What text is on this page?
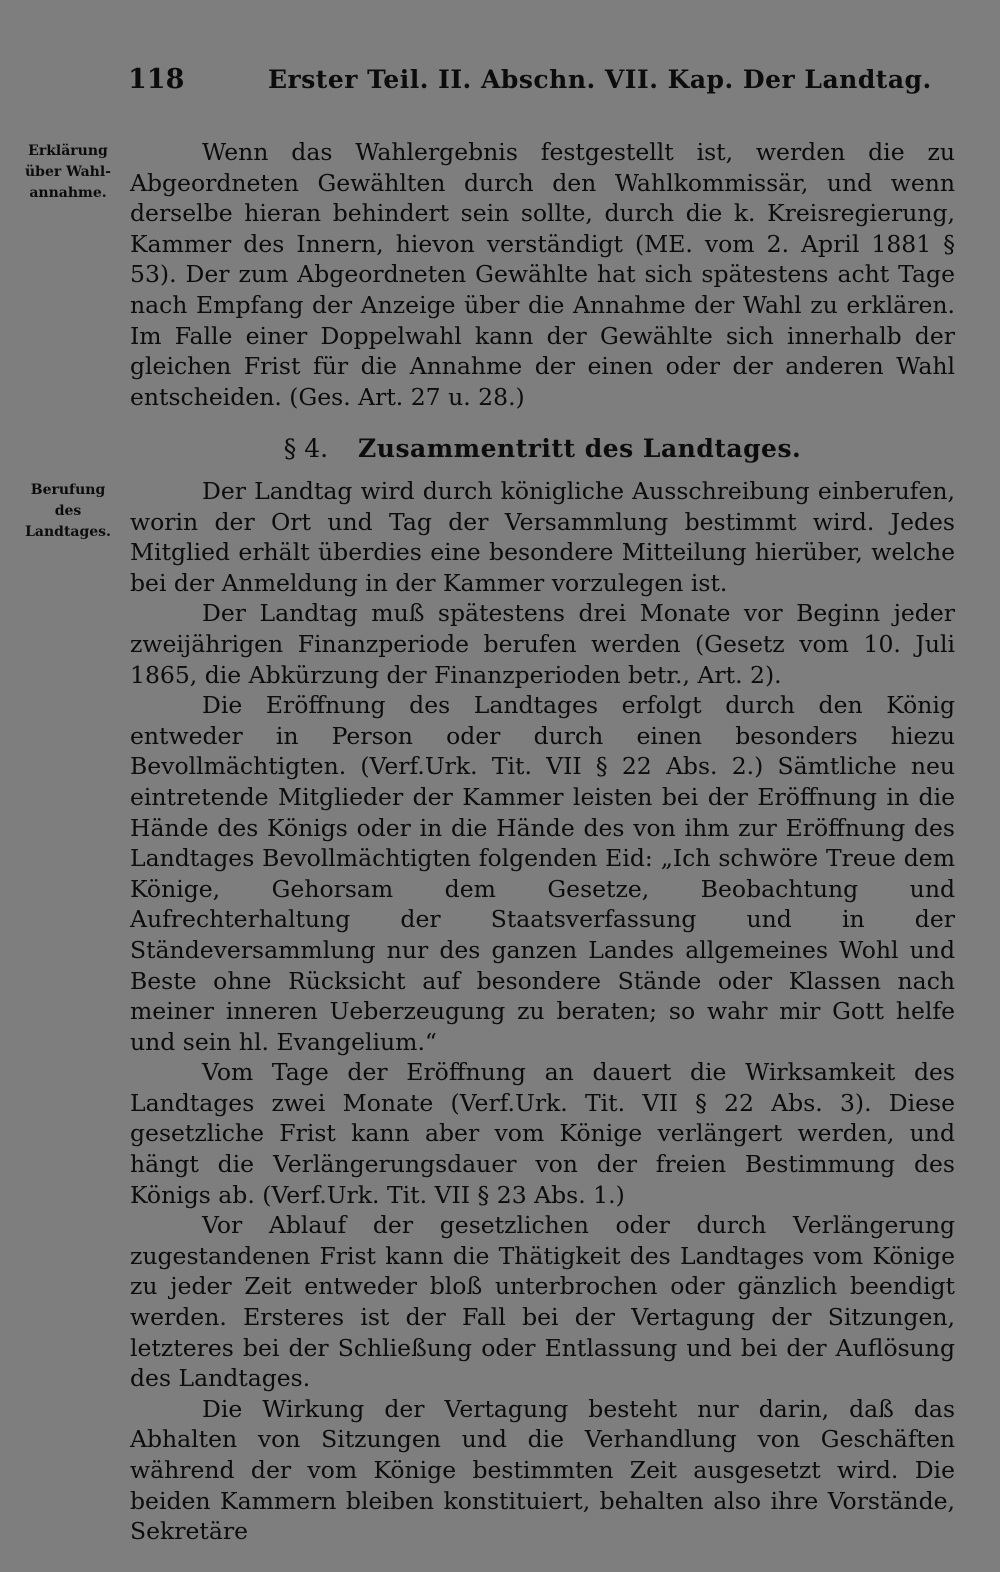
118	Erster Teil. II. Abschn. VII. Kap. Der Landtag.
Erklärung
über Wahl-
annahme.
Berufung
des
Landtages.

Wenn das Wahlergebnis festgestellt ist, werden die zu Abgeordneten Gewählten durch den Wahlkommissär, und wenn derselbe hieran behindert sein sollte, durch die k. Kreisregierung, Kammer des Innern, hievon verständigt (ME. vom 2. April 1881 § 53). Der zum Abgeordneten Gewählte hat sich spätestens acht Tage nach Empfang der Anzeige über die Annahme der Wahl zu erklären. Im Falle einer Doppelwahl kann der Gewählte sich innerhalb der gleichen Frist für die Annahme der einen oder der anderen Wahl entscheiden. (Ges. Art. 27 u. 28.)

§ 4. Zusammentritt des Landtages.

Der Landtag wird durch königliche Ausschreibung einberufen, worin der Ort und Tag der Versammlung bestimmt wird. Jedes Mitglied erhält überdies eine besondere Mitteilung hierüber, welche bei der Anmeldung in der Kammer vorzulegen ist.

Der Landtag muß spätestens drei Monate vor Beginn jeder zweijährigen Finanzperiode berufen werden (Gesetz vom 10. Juli 1865, die Abkürzung der Finanzperioden betr., Art. 2).

Die Eröffnung des Landtages erfolgt durch den König entweder in Person oder durch einen besonders hiezu Bevollmächtigten. (Verf.Urk. Tit. VII § 22 Abs. 2.) Sämtliche neu eintretende Mitglieder der Kammer leisten bei der Eröffnung in die Hände des Königs oder in die Hände des von ihm zur Eröffnung des Landtages Bevollmächtigten folgenden Eid: „Ich schwöre Treue dem Könige, Gehorsam dem Gesetze, Beobachtung und Aufrechterhaltung der Staatsverfassung und in der Ständeversammlung nur des ganzen Landes allgemeines Wohl und Beste ohne Rücksicht auf besondere Stände oder Klassen nach meiner inneren Ueberzeugung zu beraten; so wahr mir Gott helfe und sein hl. Evangelium.“

Vom Tage der Eröffnung an dauert die Wirksamkeit des Landtages zwei Monate (Verf.Urk. Tit. VII § 22 Abs. 3). Diese gesetzliche Frist kann aber vom Könige verlängert werden, und hängt die Verlängerungsdauer von der freien Bestimmung des Königs ab. (Verf.Urk. Tit. VII § 23 Abs. 1.)

Vor Ablauf der gesetzlichen oder durch Verlängerung zugestandenen Frist kann die Thätigkeit des Landtages vom Könige zu jeder Zeit entweder bloß unterbrochen oder gänzlich beendigt werden. Ersteres ist der Fall bei der Vertagung der Sitzungen, letzteres bei der Schließung oder Entlassung und bei der Auflösung des Landtages.

Die Wirkung der Vertagung besteht nur darin, daß das Abhalten von Sitzungen und die Verhandlung von Geschäften während der vom Könige bestimmten Zeit ausgesetzt wird. Die beiden Kammern bleiben konstituiert, behalten also ihre Vorstände, Sekretäre
